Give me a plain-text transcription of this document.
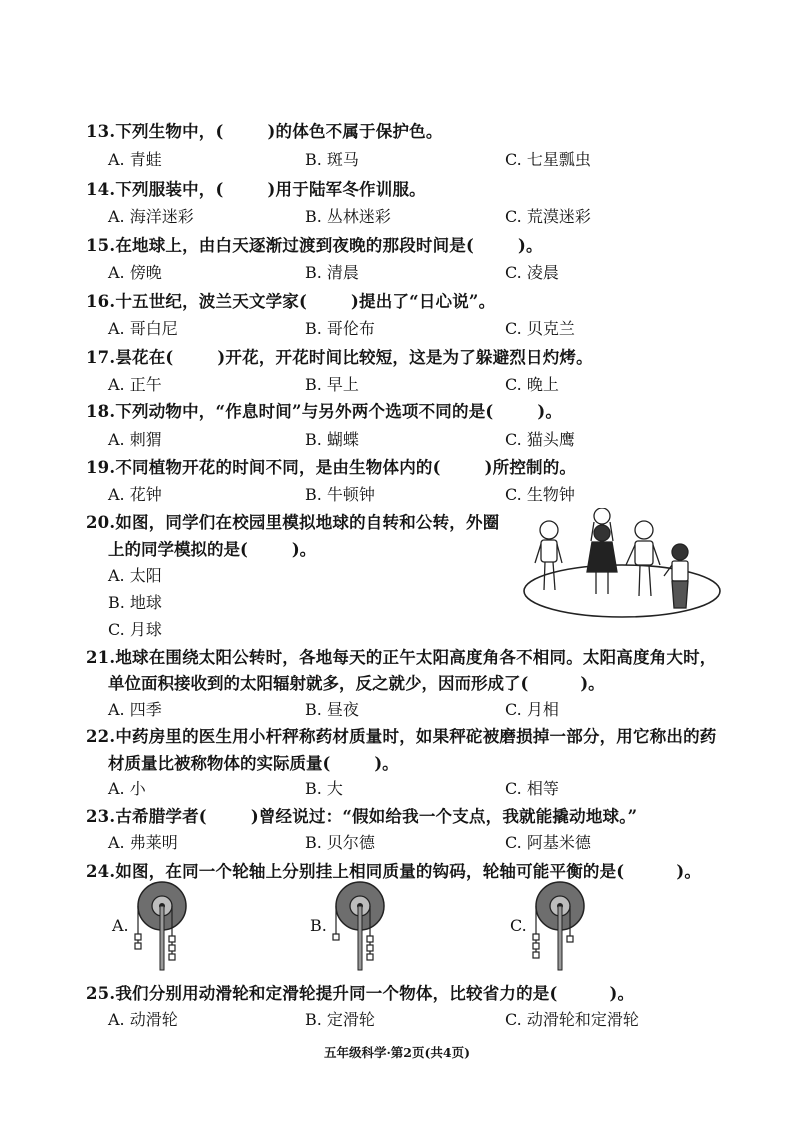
13.下列生物中，(	)的体色不属于保护色。
A. 青蛙	B. 斑马	C. 七星瓢虫
14.下列服装中，(	)用于陆军冬作训服。
A. 海洋迷彩	B. 丛林迷彩	C. 荒漠迷彩
15.在地球上，由白天逐渐过渡到夜晚的那段时间是(	)。
A. 傍晚	B. 清晨	C. 凌晨
16.十五世纪，波兰天文学家(	)提出了“日心说”。
A. 哥白尼	B. 哥伦布	C. 贝克兰
17.昙花在(	)开花，开花时间比较短，这是为了躲避烈日灼烤。
A. 正午	B. 早上	C. 晚上
18.下列动物中，“作息时间”与另外两个选项不同的是(	)。
A. 刺猬	B. 蝴蝶	C. 猫头鹰
19.不同植物开花的时间不同，是由生物体内的(	)所控制的。
A. 花钟	B. 牛顿钟	C. 生物钟
20.如图，同学们在校园里模拟地球的自转和公转，外圈
上的同学模拟的是(	)。
A. 太阳
B. 地球
C. 月球
21.地球在围绕太阳公转时，各地每天的正午太阳高度角各不相同。太阳高度角大时，
单位面积接收到的太阳辐射就多，反之就少，因而形成了(	)。
A. 四季	B. 昼夜	C. 月相
22.中药房里的医生用小杆秤称药材质量时，如果秤砣被磨损掉一部分，用它称出的药
材质量比被称物体的实际质量(	)。
A. 小	B. 大	C. 相等
23.古希腊学者(	)曾经说过：“假如给我一个支点，我就能撬动地球。”
A. 弗莱明	B. 贝尔德	C. 阿基米德
24.如图，在同一个轮轴上分别挂上相同质量的钩码，轮轴可能平衡的是(	)。
A.	B.	C.
25.我们分别用动滑轮和定滑轮提升同一个物体，比较省力的是(	)。
A. 动滑轮	B. 定滑轮	C. 动滑轮和定滑轮
五年级科学·第2页(共4页)
